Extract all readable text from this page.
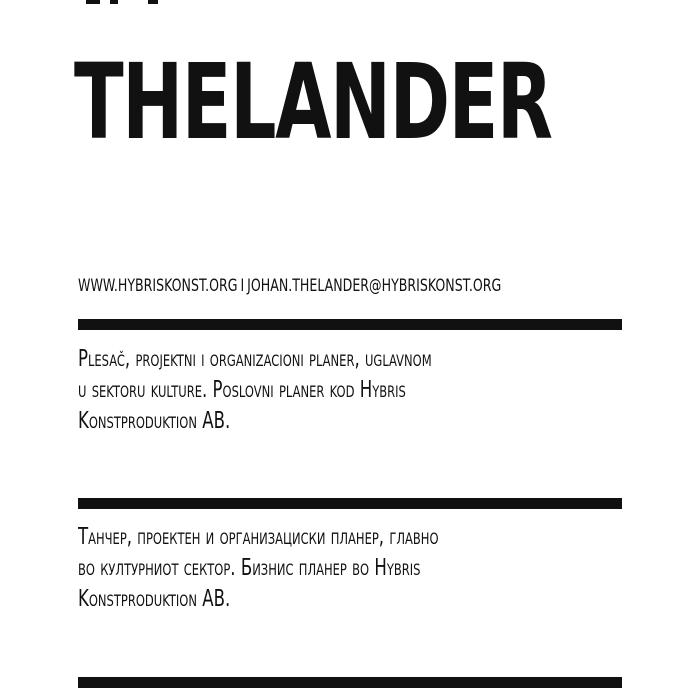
THELANDER
WWW.HYBRISKONST.ORG I JOHAN.THELANDER@HYBRISKONST.ORG

Plesač, projektni i organizacioni planer, uglavnom
u sektoru kulture. Poslovni planer kod Hybris
Konstproduktion AB.

Танчер, проектен и организациски планер, главно
во културниот сектор. Бизнис планер во Hybris
Konstproduktion AB.
